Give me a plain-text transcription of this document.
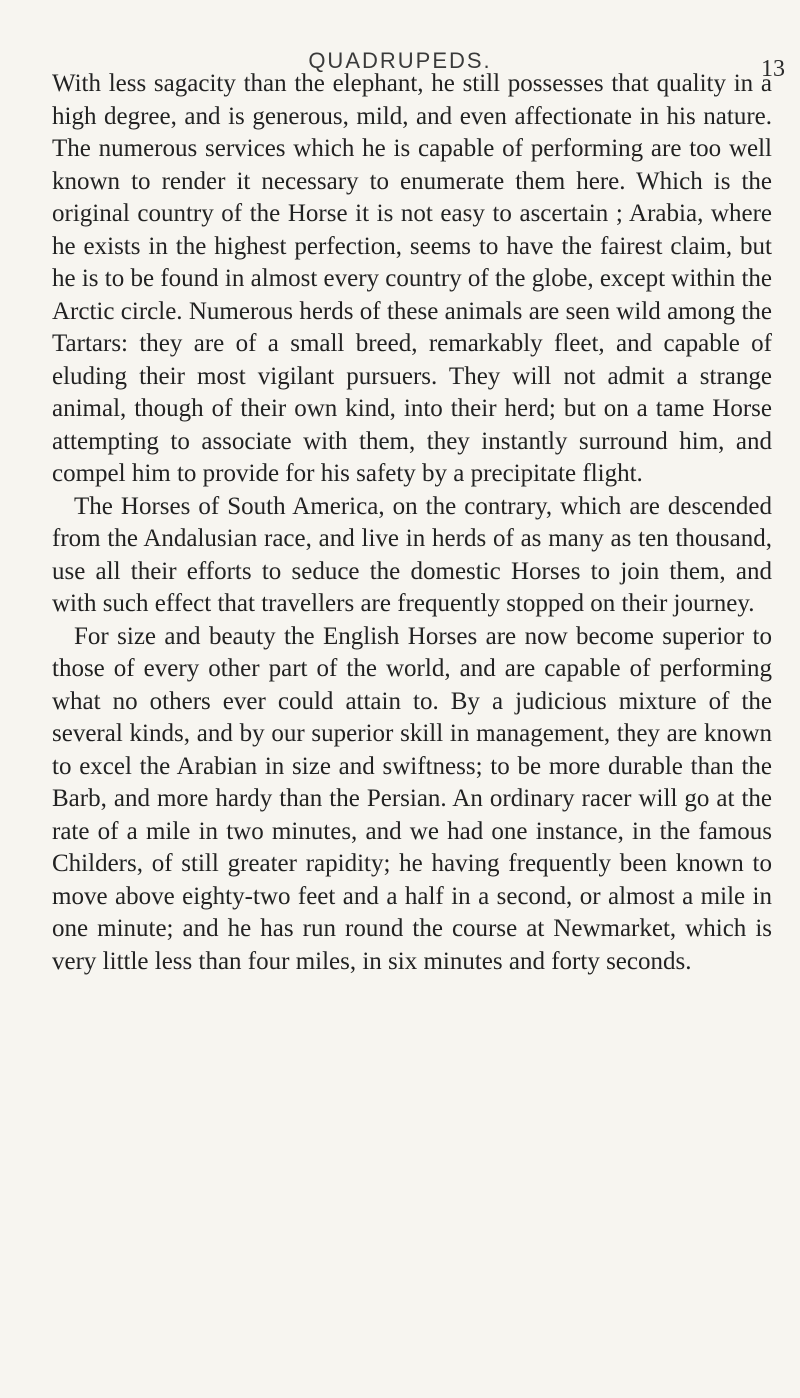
QUADRUPEDS.	13

With less sagacity than the elephant, he still possesses that quality in a high degree, and is generous, mild, and even affectionate in his nature. The numerous services which he is capable of performing are too well known to render it necessary to enumerate them here. Which is the original country of the Horse it is not easy to ascertain ; Arabia, where he exists in the highest perfection, seems to have the fairest claim, but he is to be found in almost every country of the globe, except within the Arctic circle. Numerous herds of these animals are seen wild among the Tartars: they are of a small breed, remarkably fleet, and capable of eluding their most vigilant pursuers. They will not admit a strange animal, though of their own kind, into their herd; but on a tame Horse attempting to associate with them, they instantly surround him, and compel him to provide for his safety by a precipitate flight.

The Horses of South America, on the contrary, which are descended from the Andalusian race, and live in herds of as many as ten thousand, use all their efforts to seduce the domestic Horses to join them, and with such effect that travellers are frequently stopped on their journey.

For size and beauty the English Horses are now become superior to those of every other part of the world, and are capable of performing what no others ever could attain to. By a judicious mixture of the several kinds, and by our superior skill in management, they are known to excel the Arabian in size and swiftness; to be more durable than the Barb, and more hardy than the Persian. An ordinary racer will go at the rate of a mile in two minutes, and we had one instance, in the famous Childers, of still greater rapidity; he having frequently been known to move above eighty-two feet and a half in a second, or almost a mile in one minute; and he has run round the course at Newmarket, which is very little less than four miles, in six minutes and forty seconds.
